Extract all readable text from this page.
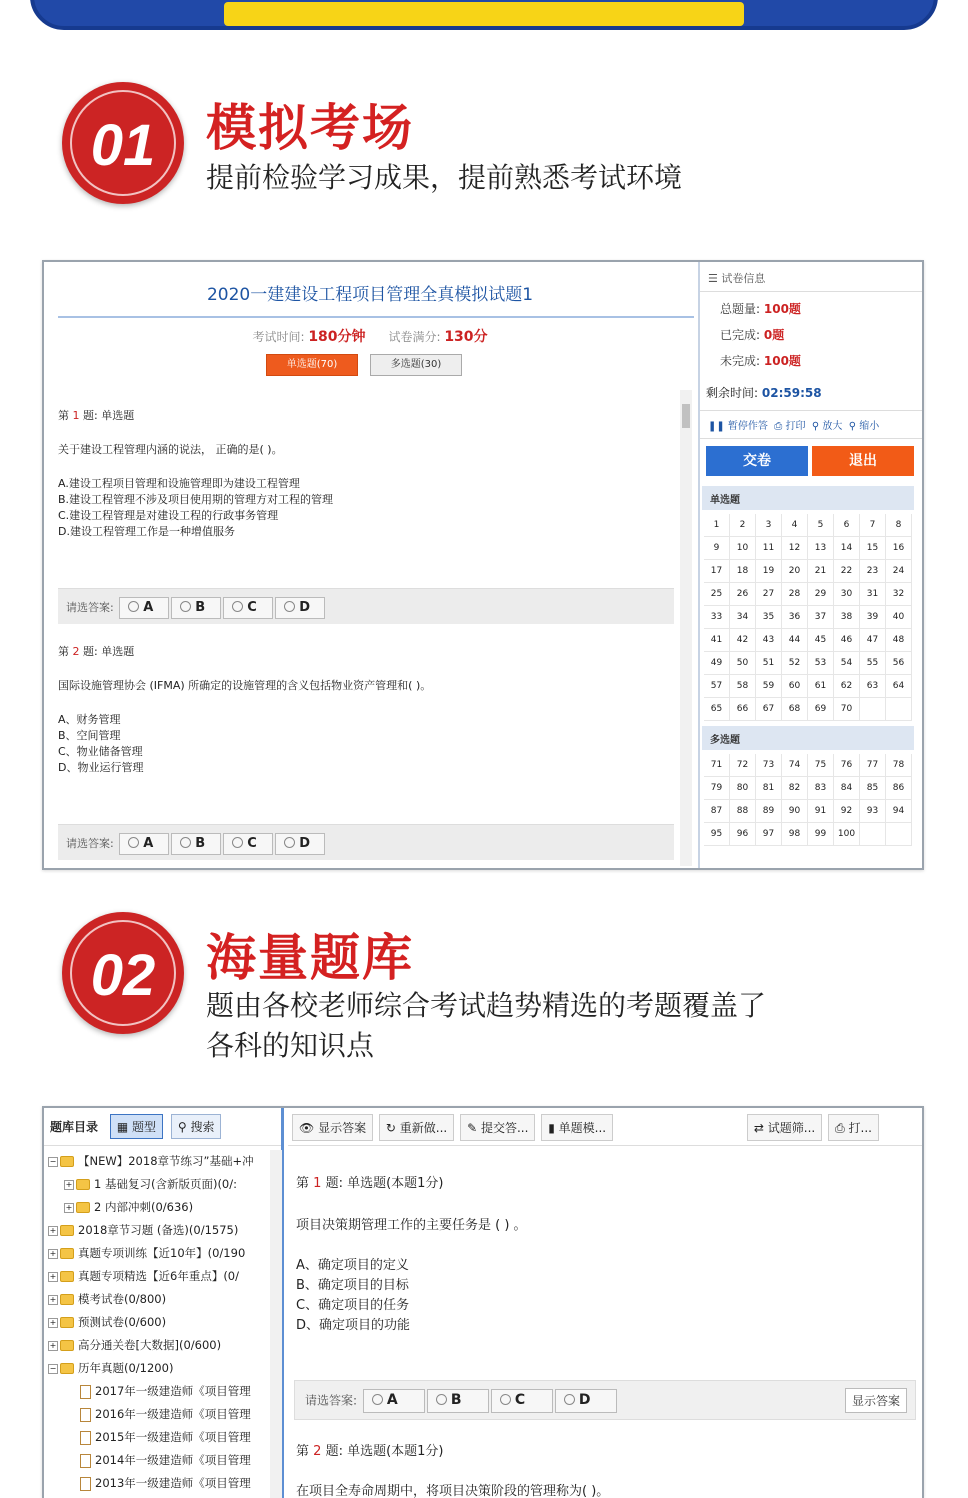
01	模拟考场
提前检验学习成果，提前熟悉考试环境
2020一建建设工程项目管理全真模拟试题1
考试时间: 180分钟 试卷满分: 130分
单选题(70)	多选题(30)
第 1 题: 单选题
关于建设工程管理内涵的说法， 正确的是( )。
A.建设工程项目管理和设施管理即为建设工程管理
B.建设工程管理不涉及项目使用期的管理方对工程的管理
C.建设工程管理是对建设工程的行政事务管理
D.建设工程管理工作是一种增值服务
请选答案: A	B	C	D
第 2 题: 单选题
国际设施管理协会 (IFMA) 所确定的设施管理的含义包括物业资产管理和( )。
A、财务管理
B、空间管理
C、物业储备管理
D、物业运行管理
请选答案: A	B	C	D
☰ 试卷信息
总题量: 100题
已完成: 0题
未完成: 100题
剩余时间: 02:59:58
❚❚ 暂停作答 ⎙ 打印 ⚲ 放大 ⚲ 缩小
交卷	退出
单选题
1	2	3	4	5	6	7	8
9	10	11	12	13	14	15	16
17	18	19	20	21	22	23	24
25	26	27	28	29	30	31	32
33	34	35	36	37	38	39	40
41	42	43	44	45	46	47	48
49	50	51	52	53	54	55	56
57	58	59	60	61	62	63	64
65	66	67	68	69	70
多选题
71	72	73	74	75	76	77	78
79	80	81	82	83	84	85	86
87	88	89	90	91	92	93	94
95	96	97	98	99	100
02	海量题库
题由各校老师综合考试趋势精选的考题覆盖了
各科的知识点
题库目录 ▦ 题型 ⚲ 搜索
− 【NEW】2018章节练习”基础+冲
+ 1 基础复习(含新版页面)(0/:
+ 2 内部冲刺(0/636)
+ 2018章节习题 (备选)(0/1575)
+ 真题专项训练【近10年】(0/190
+ 真题专项精选【近6年重点】(0/
+ 模考试卷(0/800)
+ 预测试卷(0/600)
+ 高分通关卷[大数据](0/600)
− 历年真题(0/1200)
2017年一级建造师《项目管理
2016年一级建造师《项目管理
2015年一级建造师《项目管理
2014年一级建造师《项目管理
2013年一级建造师《项目管理
👁 显示答案 ↻ 重新做... ✎ 提交答... ▮ 单题模...	⇄ 试题筛... ⎙ 打...
第 1 题: 单选题(本题1分)
项目决策期管理工作的主要任务是 ( ) 。
A、确定项目的定义
B、确定项目的目标
C、确定项目的任务
D、确定项目的功能
请选答案: A	B	C	D	显示答案
第 2 题: 单选题(本题1分)
在项目全寿命周期中，将项目决策阶段的管理称为( )。
